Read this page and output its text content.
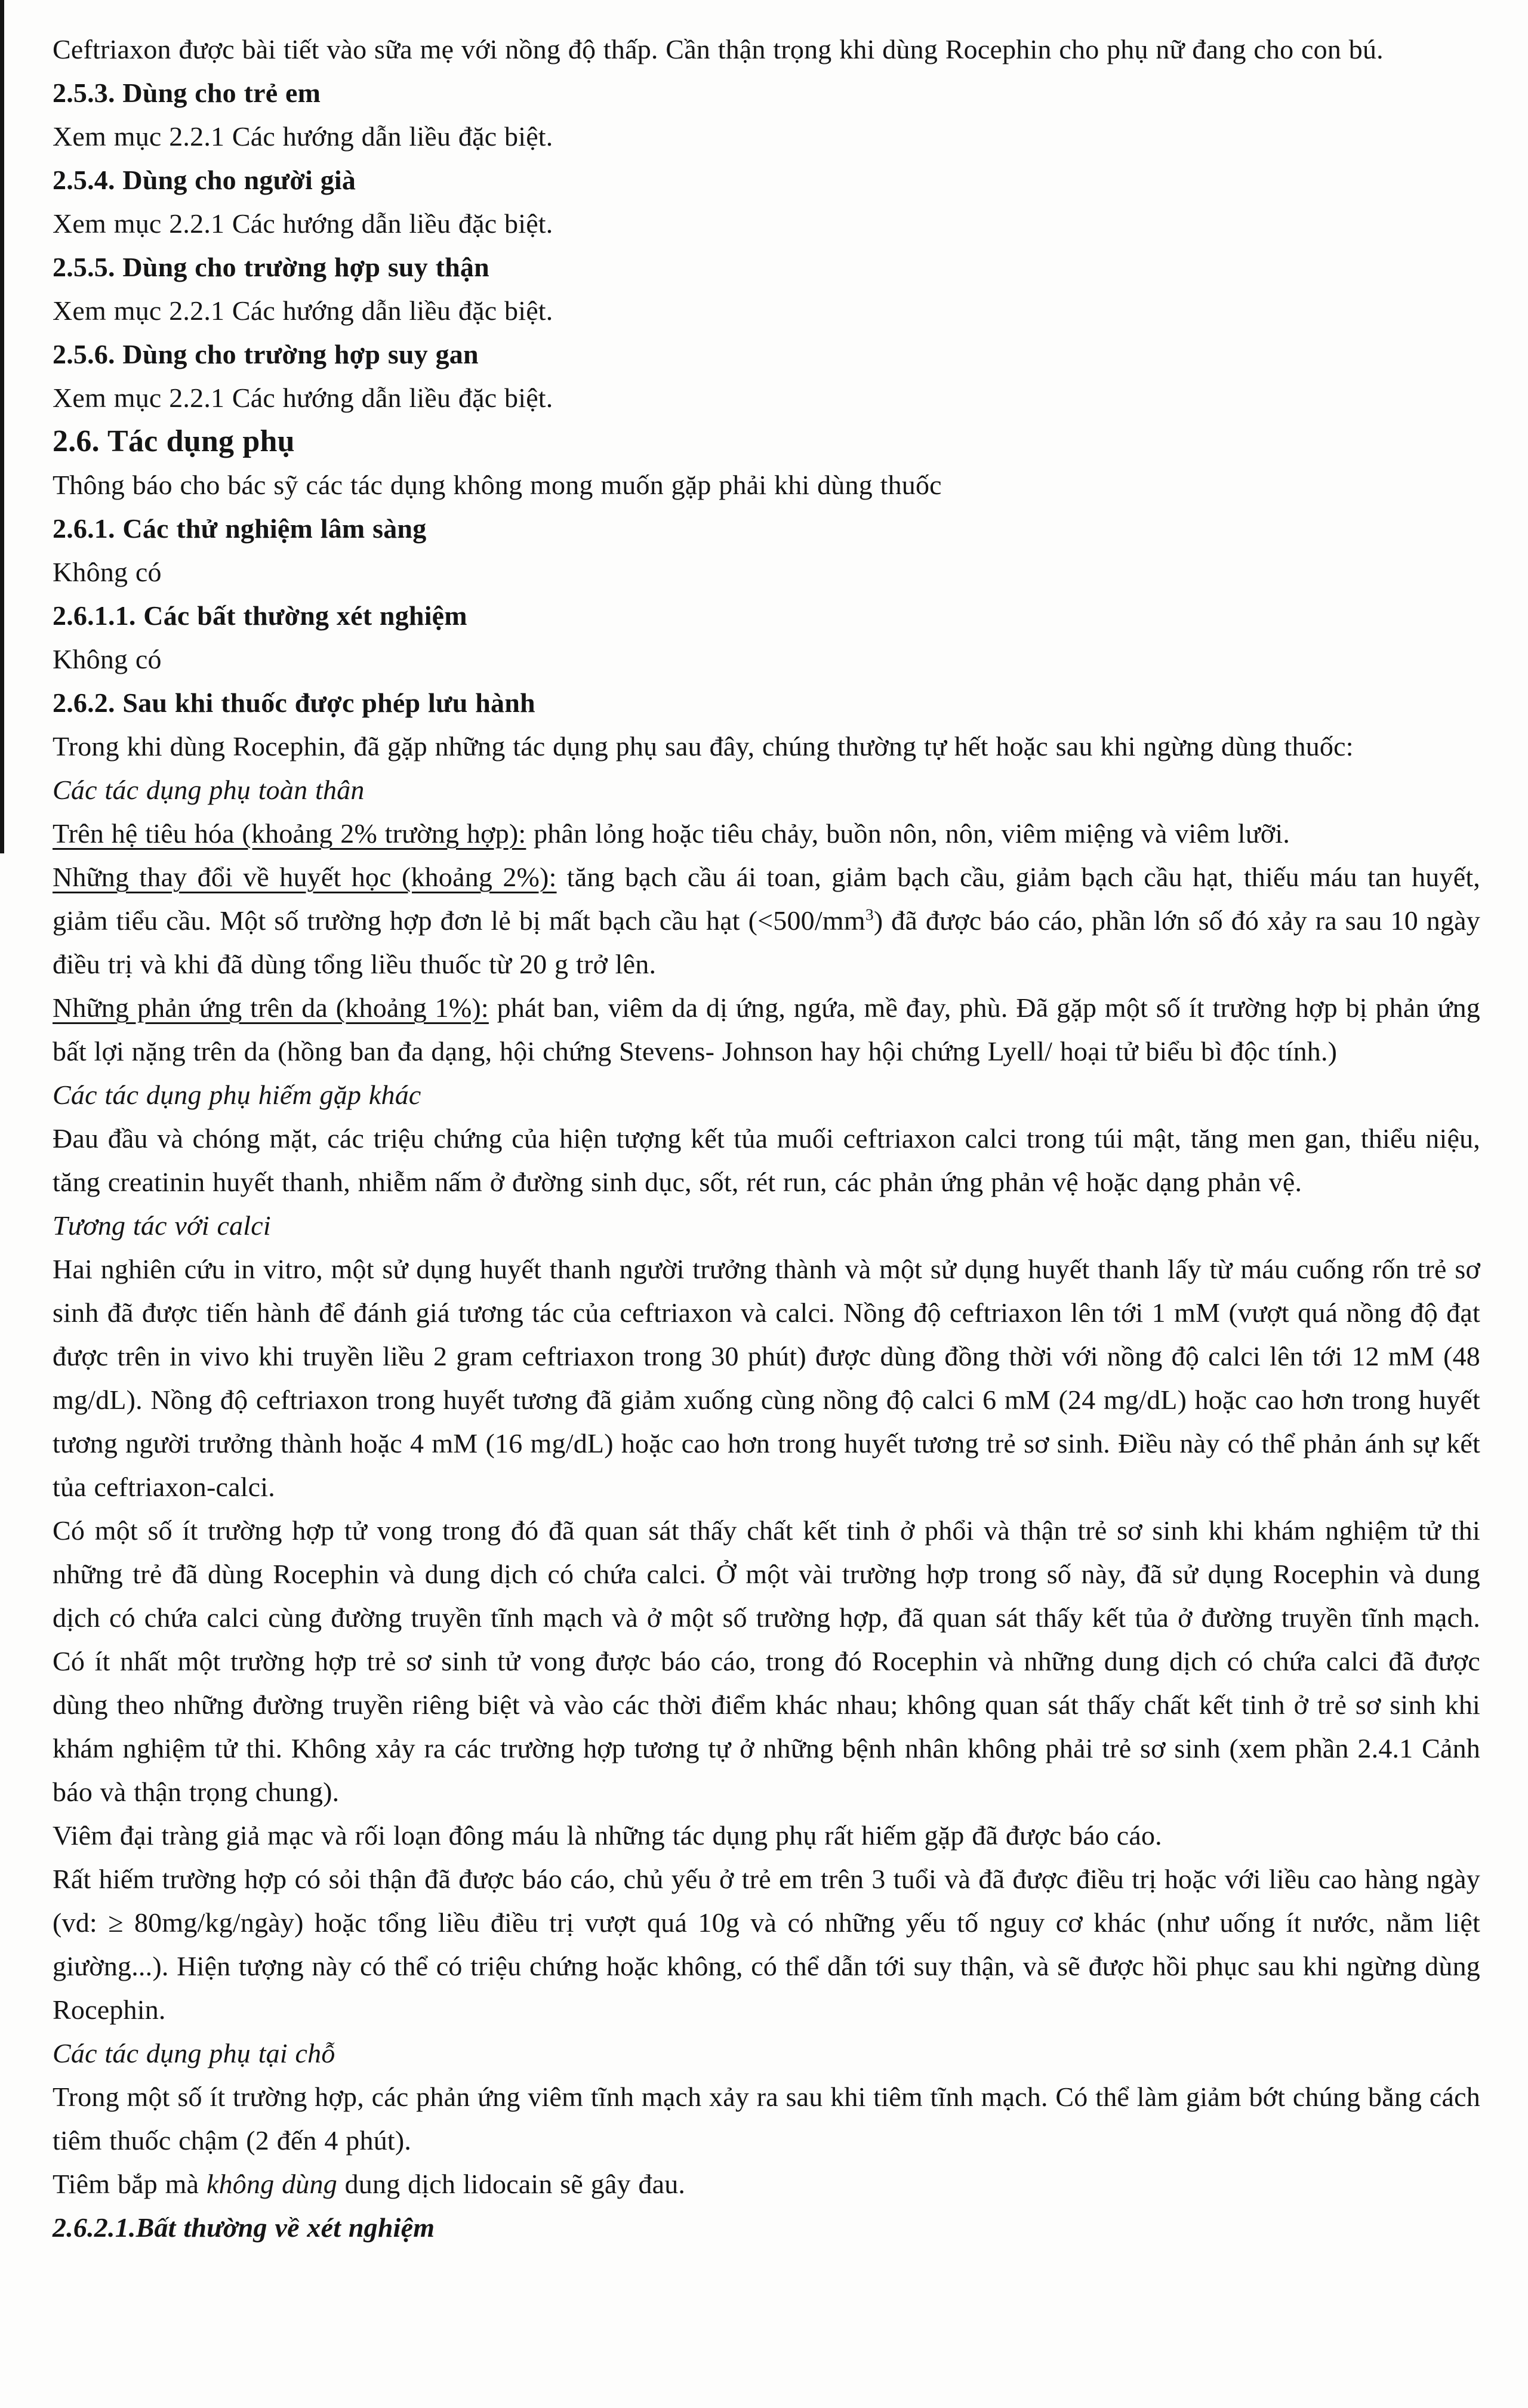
Ceftriaxon được bài tiết vào sữa mẹ với nồng độ thấp. Cần thận trọng khi dùng Rocephin cho phụ nữ đang cho con bú.

2.5.3. Dùng cho trẻ em

Xem mục 2.2.1 Các hướng dẫn liều đặc biệt.

2.5.4. Dùng cho người già

Xem mục 2.2.1 Các hướng dẫn liều đặc biệt.

2.5.5. Dùng cho trường hợp suy thận

Xem mục 2.2.1 Các hướng dẫn liều đặc biệt.

2.5.6. Dùng cho trường hợp suy gan

Xem mục 2.2.1 Các hướng dẫn liều đặc biệt.

2.6. Tác dụng phụ

Thông báo cho bác sỹ các tác dụng không mong muốn gặp phải khi dùng thuốc

2.6.1. Các thử nghiệm lâm sàng

Không có

2.6.1.1. Các bất thường xét nghiệm

Không có

2.6.2. Sau khi thuốc được phép lưu hành

Trong khi dùng Rocephin, đã gặp những tác dụng phụ sau đây, chúng thường tự hết hoặc sau khi ngừng dùng thuốc:

Các tác dụng phụ toàn thân

Trên hệ tiêu hóa (khoảng 2% trường hợp): phân lỏng hoặc tiêu chảy, buồn nôn, nôn, viêm miệng và viêm lưỡi.

Những thay đổi về huyết học (khoảng 2%): tăng bạch cầu ái toan, giảm bạch cầu, giảm bạch cầu hạt, thiếu máu tan huyết, giảm tiểu cầu. Một số trường hợp đơn lẻ bị mất bạch cầu hạt $(<500/mm^3)$ đã được báo cáo, phần lớn số đó xảy ra sau 10 ngày điều trị và khi đã dùng tổng liều thuốc từ 20 g trở lên.

Những phản ứng trên da (khoảng 1%): phát ban, viêm da dị ứng, ngứa, mề đay, phù. Đã gặp một số ít trường hợp bị phản ứng bất lợi nặng trên da (hồng ban đa dạng, hội chứng Stevens- Johnson hay hội chứng Lyell/ hoại tử biểu bì độc tính.)

Các tác dụng phụ hiếm gặp khác

Đau đầu và chóng mặt, các triệu chứng của hiện tượng kết tủa muối ceftriaxon calci trong túi mật, tăng men gan, thiểu niệu, tăng creatinin huyết thanh, nhiễm nấm ở đường sinh dục, sốt, rét run, các phản ứng phản vệ hoặc dạng phản vệ.

Tương tác với calci

Hai nghiên cứu in vitro, một sử dụng huyết thanh người trưởng thành và một sử dụng huyết thanh lấy từ máu cuống rốn trẻ sơ sinh đã được tiến hành để đánh giá tương tác của ceftriaxon và calci. Nồng độ ceftriaxon lên tới 1 mM (vượt quá nồng độ đạt được trên in vivo khi truyền liều 2 gram ceftriaxon trong 30 phút) được dùng đồng thời với nồng độ calci lên tới 12 mM (48 mg/dL). Nồng độ ceftriaxon trong huyết tương đã giảm xuống cùng nồng độ calci 6 mM (24 mg/dL) hoặc cao hơn trong huyết tương người trưởng thành hoặc 4 mM (16 mg/dL) hoặc cao hơn trong huyết tương trẻ sơ sinh. Điều này có thể phản ánh sự kết tủa ceftriaxon-calci.

Có một số ít trường hợp tử vong trong đó đã quan sát thấy chất kết tinh ở phổi và thận trẻ sơ sinh khi khám nghiệm tử thi những trẻ đã dùng Rocephin và dung dịch có chứa calci. Ở một vài trường hợp trong số này, đã sử dụng Rocephin và dung dịch có chứa calci cùng đường truyền tĩnh mạch và ở một số trường hợp, đã quan sát thấy kết tủa ở đường truyền tĩnh mạch. Có ít nhất một trường hợp trẻ sơ sinh tử vong được báo cáo, trong đó Rocephin và những dung dịch có chứa calci đã được dùng theo những đường truyền riêng biệt và vào các thời điểm khác nhau; không quan sát thấy chất kết tinh ở trẻ sơ sinh khi khám nghiệm tử thi. Không xảy ra các trường hợp tương tự ở những bệnh nhân không phải trẻ sơ sinh (xem phần 2.4.1 Cảnh báo và thận trọng chung).

Viêm đại tràng giả mạc và rối loạn đông máu là những tác dụng phụ rất hiếm gặp đã được báo cáo.

Rất hiếm trường hợp có sỏi thận đã được báo cáo, chủ yếu ở trẻ em trên 3 tuổi và đã được điều trị hoặc với liều cao hàng ngày (vd: ≥ 80mg/kg/ngày) hoặc tổng liều điều trị vượt quá 10g và có những yếu tố nguy cơ khác (như uống ít nước, nằm liệt giường...). Hiện tượng này có thể có triệu chứng hoặc không, có thể dẫn tới suy thận, và sẽ được hồi phục sau khi ngừng dùng Rocephin.

Các tác dụng phụ tại chỗ

Trong một số ít trường hợp, các phản ứng viêm tĩnh mạch xảy ra sau khi tiêm tĩnh mạch. Có thể làm giảm bớt chúng bằng cách tiêm thuốc chậm (2 đến 4 phút).

Tiêm bắp mà không dùng dung dịch lidocain sẽ gây đau.

2.6.2.1.Bất thường về xét nghiệm
